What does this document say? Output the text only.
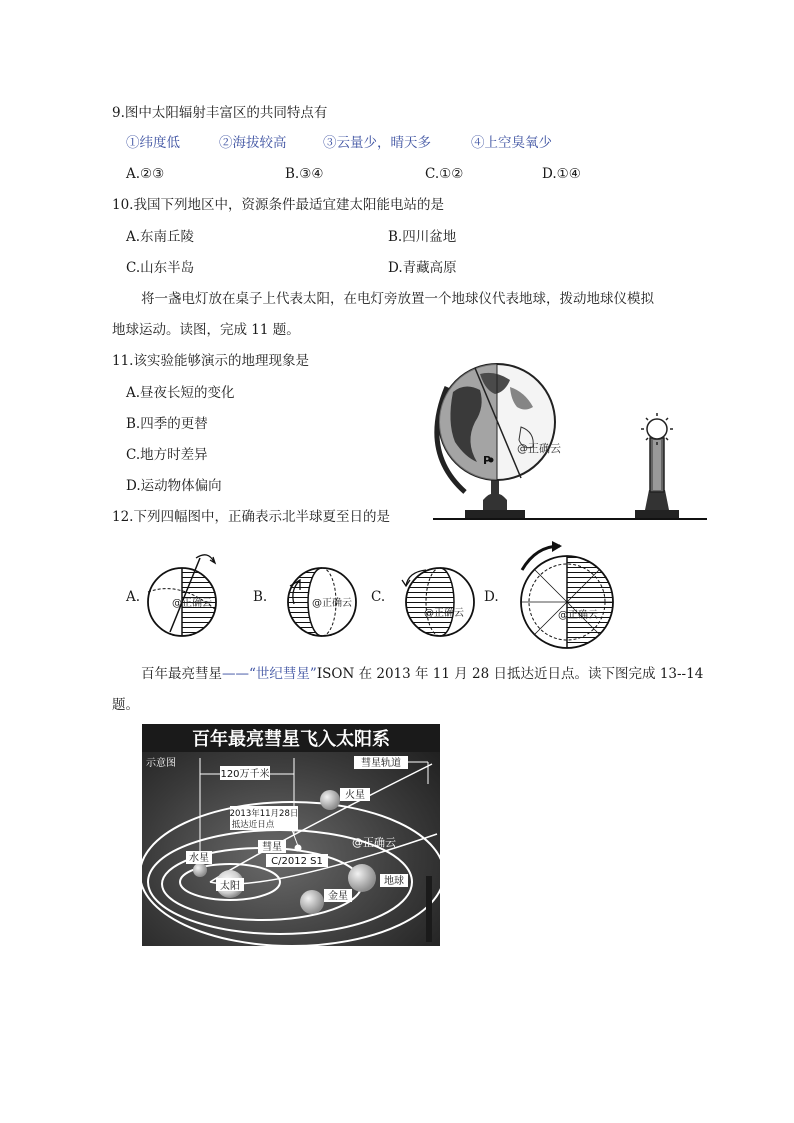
9.图中太阳辐射丰富区的共同特点有
①纬度低	②海拔较高	③云量少，晴天多	④上空臭氧少
A.②③	B.③④	C.①②	D.①④
10.我国下列地区中，资源条件最适宜建太阳能电站的是
A.东南丘陵	B.四川盆地
C.山东半岛	D.青藏高原
将一盏电灯放在桌子上代表太阳，在电灯旁放置一个地球仪代表地球，拨动地球仪模拟
地球运动。读图，完成 11 题。
11.该实验能够演示的地理现象是
A.昼夜长短的变化
B.四季的更替
C.地方时差异
D.运动物体偏向
P
@正确云
12.下列四幅图中，正确表示北半球夏至日的是
A.	B.	C.	D.
@正确云	@正确云
@正确云	@正确云
百年最亮彗星——“世纪彗星”ISON 在 2013 年 11 月 28 日抵达近日点。读下图完成 13--14
题。
百年最亮彗星飞入太阳系
示意图
太阳
水星
金星
地球
火星
彗星轨道
120万千米
2013年11月28日
抵达近日点
彗星
C/2012 S1
@正确云
